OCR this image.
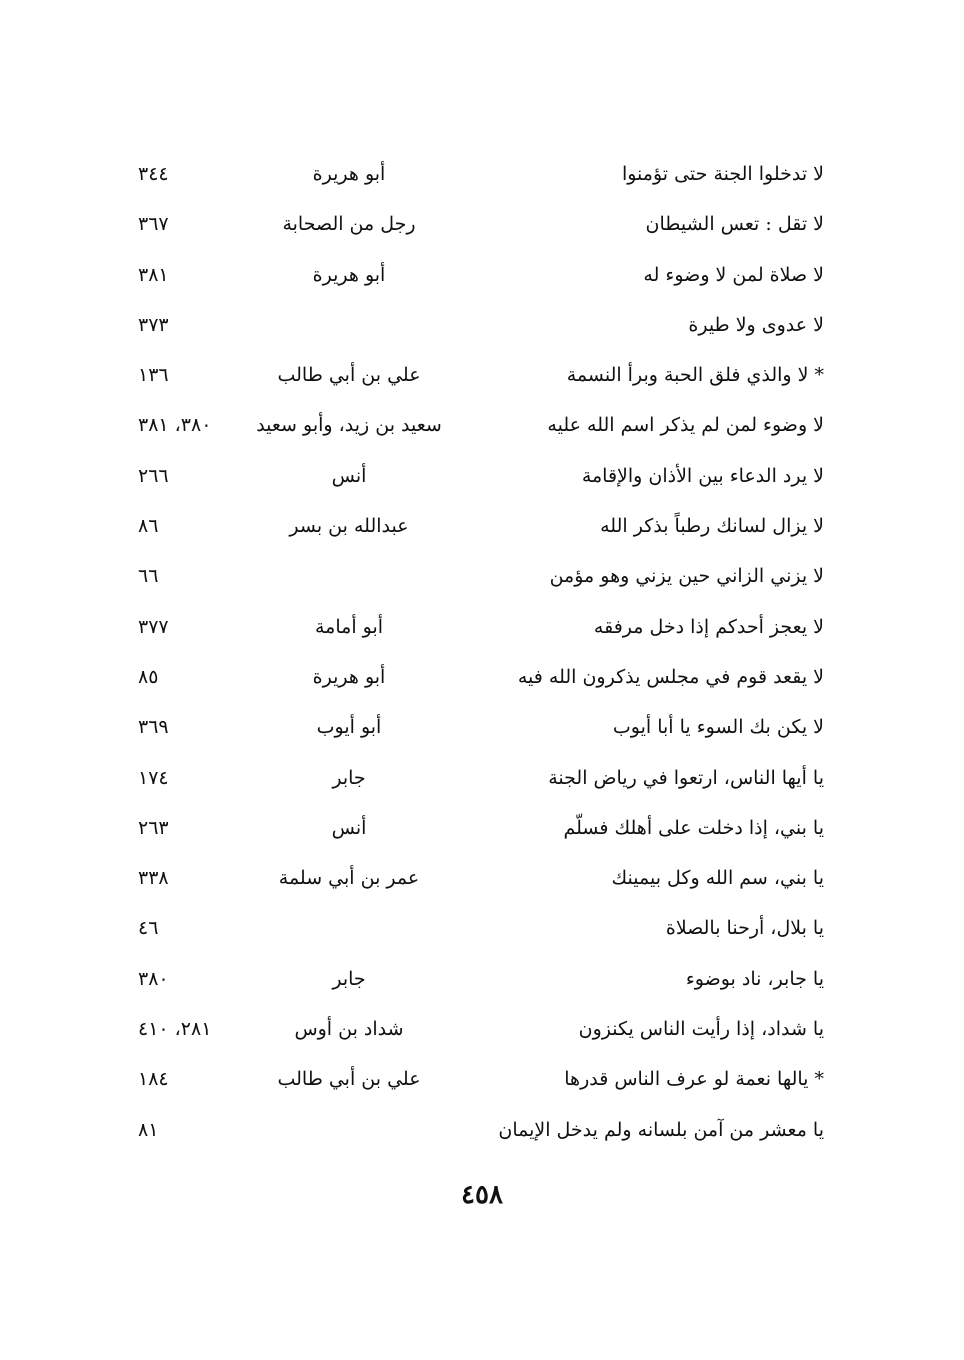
لا تدخلوا الجنة حتى تؤمنوا
أبو هريرة
٣٤٤
لا تقل : تعس الشيطان
رجل من الصحابة
٣٦٧
لا صلاة لمن لا وضوء له
أبو هريرة
٣٨١
لا عدوى ولا طيرة
٣٧٣
* لا والذي فلق الحبة وبرأ النسمة
علي بن أبي طالب
١٣٦
لا وضوء لمن لم يذكر اسم الله عليه
سعيد بن زيد، وأبو سعيد
٣٨٠، ٣٨١
لا يرد الدعاء بين الأذان والإقامة
أنس
٢٦٦
لا يزال لسانك رطباً بذكر الله
عبدالله بن بسر
٨٦
لا يزني الزاني حين يزني وهو مؤمن
٦٦
لا يعجز أحدكم إذا دخل مرفقه
أبو أمامة
٣٧٧
لا يقعد قوم في مجلس يذكرون الله فيه
أبو هريرة
٨٥
لا يكن بك السوء يا أبا أيوب
أبو أيوب
٣٦٩
يا أيها الناس، ارتعوا في رياض الجنة
جابر
١٧٤
يا بني، إذا دخلت على أهلك فسلّم
أنس
٢٦٣
يا بني، سم الله وكل بيمينك
عمر بن أبي سلمة
٣٣٨
يا بلال، أرحنا بالصلاة
٤٦
يا جابر، ناد بوضوء
جابر
٣٨٠
يا شداد، إذا رأيت الناس يكنزون
شداد بن أوس
٢٨١، ٤١٠
* يالها نعمة لو عرف الناس قدرها
علي بن أبي طالب
١٨٤
يا معشر من آمن بلسانه ولم يدخل الإيمان
٨١
٤٥٨
